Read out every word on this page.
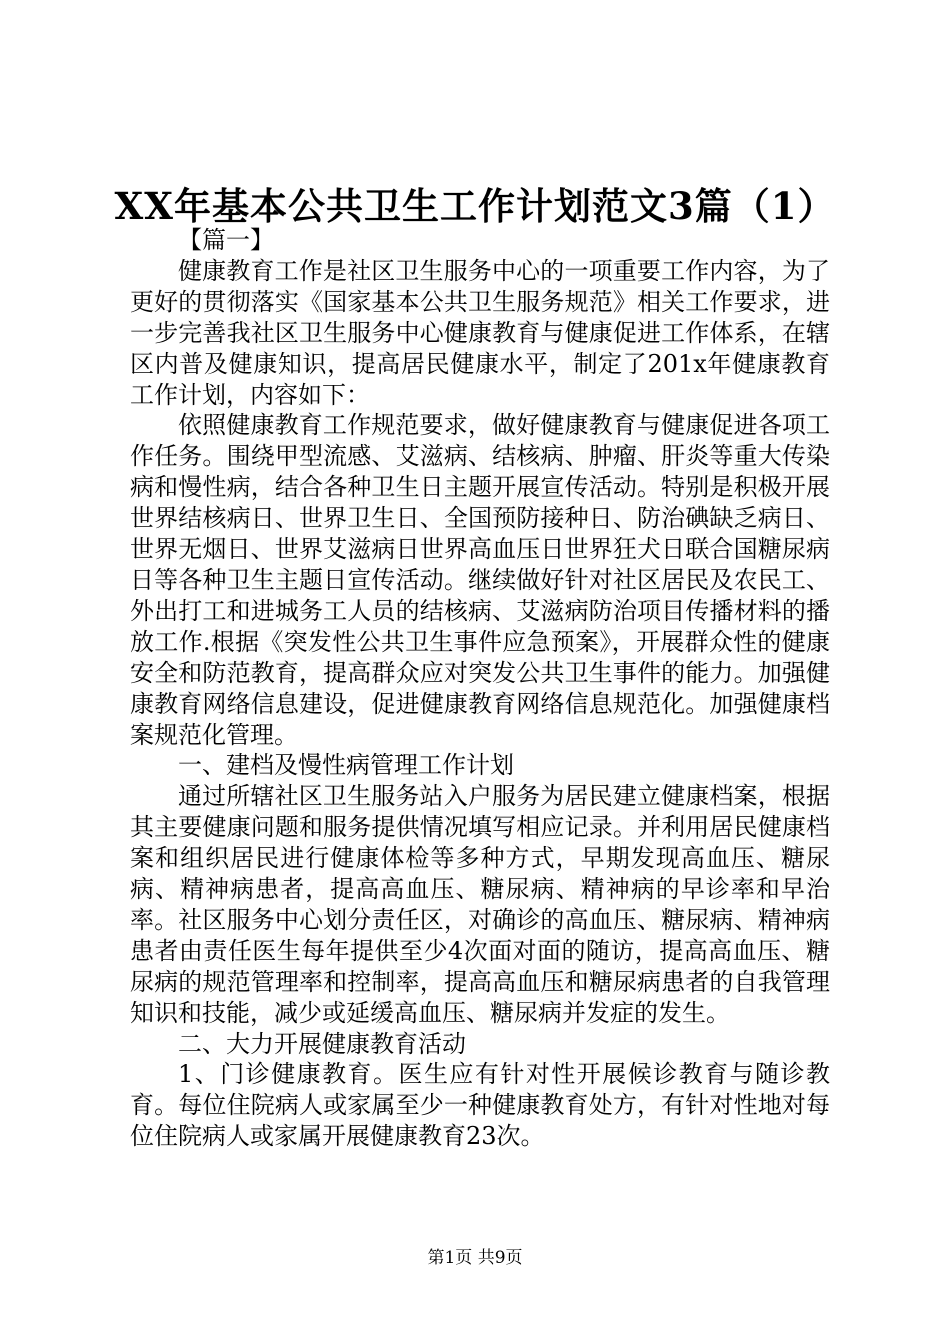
XX年基本公共卫生工作计划范文3篇（1）

【篇一】

健康教育工作是社区卫生服务中心的一项重要工作内容，为了更好的贯彻落实《国家基本公共卫生服务规范》相关工作要求，进一步完善我社区卫生服务中心健康教育与健康促进工作体系，在辖区内普及健康知识，提高居民健康水平，制定了201x年健康教育工作计划，内容如下：

依照健康教育工作规范要求，做好健康教育与健康促进各项工作任务。围绕甲型流感、艾滋病、结核病、肿瘤、肝炎等重大传染病和慢性病，结合各种卫生日主题开展宣传活动。特别是积极开展世界结核病日、世界卫生日、全国预防接种日、防治碘缺乏病日、世界无烟日、世界艾滋病日世界高血压日世界狂犬日联合国糖尿病日等各种卫生主题日宣传活动。继续做好针对社区居民及农民工、外出打工和进城务工人员的结核病、艾滋病防治项目传播材料的播放工作.根据《突发性公共卫生事件应急预案》，开展群众性的健康安全和防范教育，提高群众应对突发公共卫生事件的能力。加强健康教育网络信息建设，促进健康教育网络信息规范化。加强健康档案规范化管理。

一、建档及慢性病管理工作计划

通过所辖社区卫生服务站入户服务为居民建立健康档案，根据其主要健康问题和服务提供情况填写相应记录。并利用居民健康档案和组织居民进行健康体检等多种方式，早期发现高血压、糖尿病、精神病患者，提高高血压、糖尿病、精神病的早诊率和早治率。社区服务中心划分责任区，对确诊的高血压、糖尿病、精神病患者由责任医生每年提供至少4次面对面的随访，提高高血压、糖尿病的规范管理率和控制率，提高高血压和糖尿病患者的自我管理知识和技能，减少或延缓高血压、糖尿病并发症的发生。

二、大力开展健康教育活动

1、门诊健康教育。医生应有针对性开展候诊教育与随诊教育。每位住院病人或家属至少一种健康教育处方，有针对性地对每位住院病人或家属开展健康教育23次。

第1页 共9页
